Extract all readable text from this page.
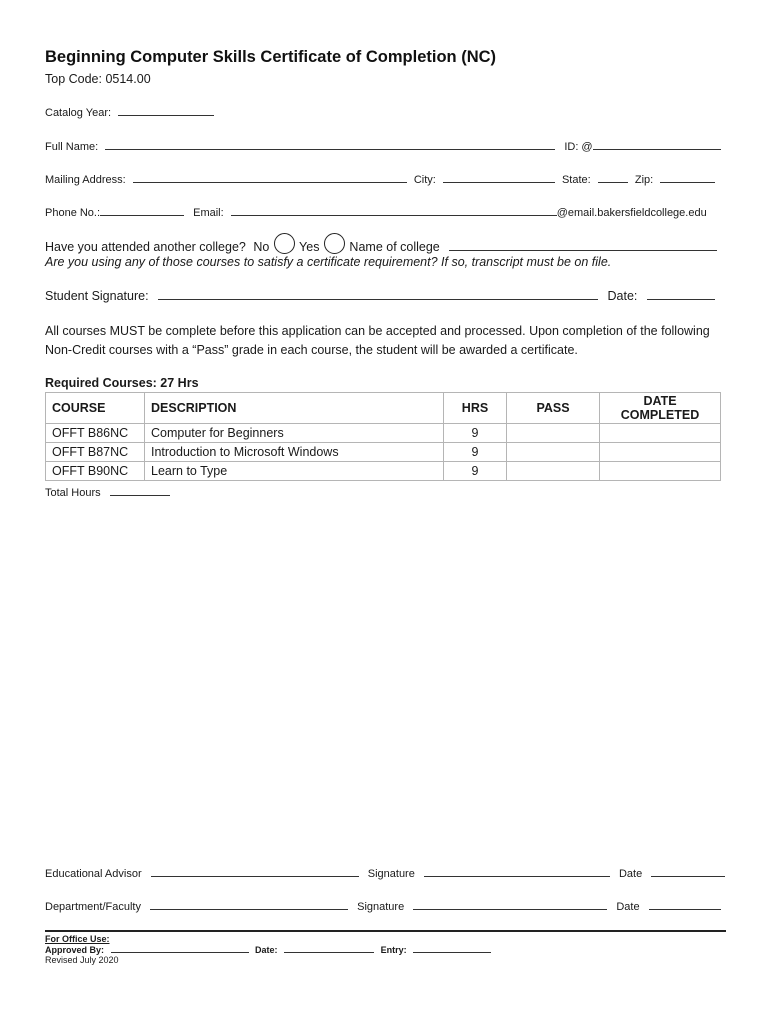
Beginning Computer Skills Certificate of Completion (NC)
Top Code: 0514.00
Catalog Year:
Full Name:	ID: @
Mailing Address:	City:	State:	Zip:
Phone No.:	Email:	@email.bakersfieldcollege.edu
Have you attended another college? No Yes Name of college
Are you using any of those courses to satisfy a certificate requirement? If so, transcript must be on file.
Student Signature:	Date:
All courses MUST be complete before this application can be accepted and processed. Upon completion of the following
Non-Credit courses with a “Pass” grade in each course, the student will be awarded a certificate.
Required Courses: 27 Hrs
COURSE	DESCRIPTION	HRS	PASS	DATE COMPLETED
OFFT B86NC	Computer for Beginners	9		
OFFT B87NC	Introduction to Microsoft Windows	9		
OFFT B90NC	Learn to Type	9		
Total Hours
Educational Advisor	Signature	Date
Department/Faculty	Signature	Date
For Office Use:
Approved By:	Date:	Entry:
Revised July 2020
